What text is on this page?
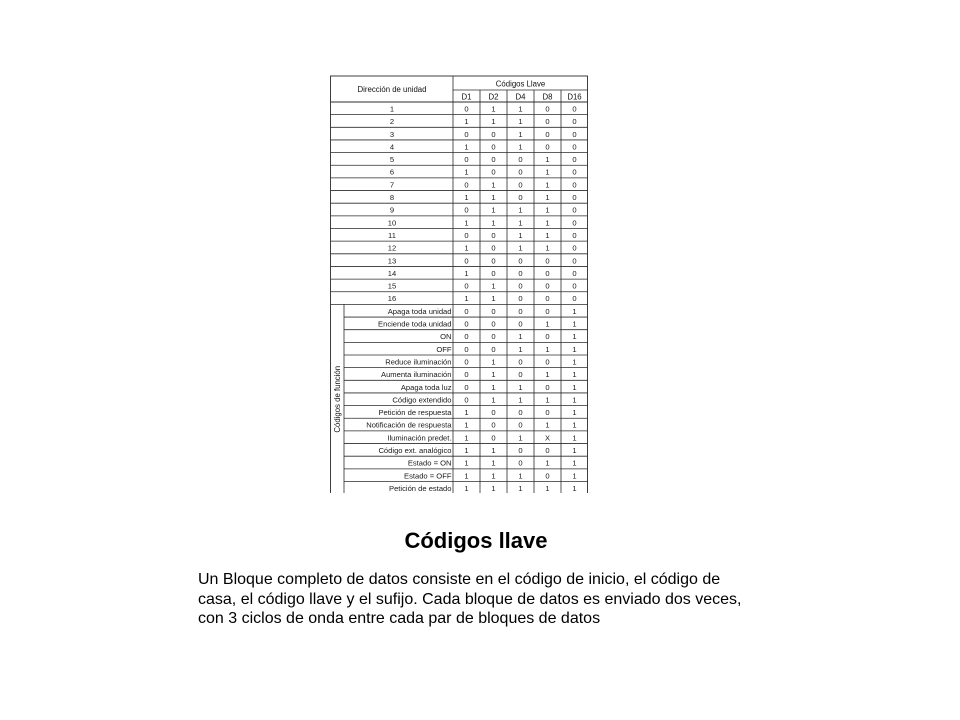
Dirección de unidad
Códigos Llave
D1 D2 D4 D8 D16
1	0	1	1	0	0
2	1	1	1	0	0
3	0	0	1	0	0
4	1	0	1	0	0
5	0	0	0	1	0
6	1	0	0	1	0
7	0	1	0	1	0
8	1	1	0	1	0
9	0	1	1	1	0
10	1	1	1	1	0
11	0	0	1	1	0
12	1	0	1	1	0
13	0	0	0	0	0
14	1	0	0	0	0
15	0	1	0	0	0
16	1	1	0	0	0
Apaga toda unidad 0	0	0	0	1
Enciende toda unidad 0	0	0	1	1
ON 0	0	1	0	1
OFF 0	0	1	1	1
Reduce iluminación 0	1	0	0	1
Aumenta iluminación 0	1	0	1	1
Apaga toda luz 0	1	1	0	1
Código extendido 0	1	1	1	1
Petición de respuesta 1	0	0	0	1
Notificación de respuesta 1	0	0	1	1
Iluminación predet. 1	0	1	X	1
Código ext. analógico 1	1	0	0	1
Estado = ON 1	1	0	1	1
Estado = OFF 1	1	1	0	1
Petición de estado 1	1	1	1	1
Códigos de función
Códigos llave

Un Bloque completo de datos consiste en el código de inicio, el código de casa, el código llave y el sufijo. Cada bloque de datos es enviado dos veces, con 3 ciclos de onda entre cada par de bloques de datos
